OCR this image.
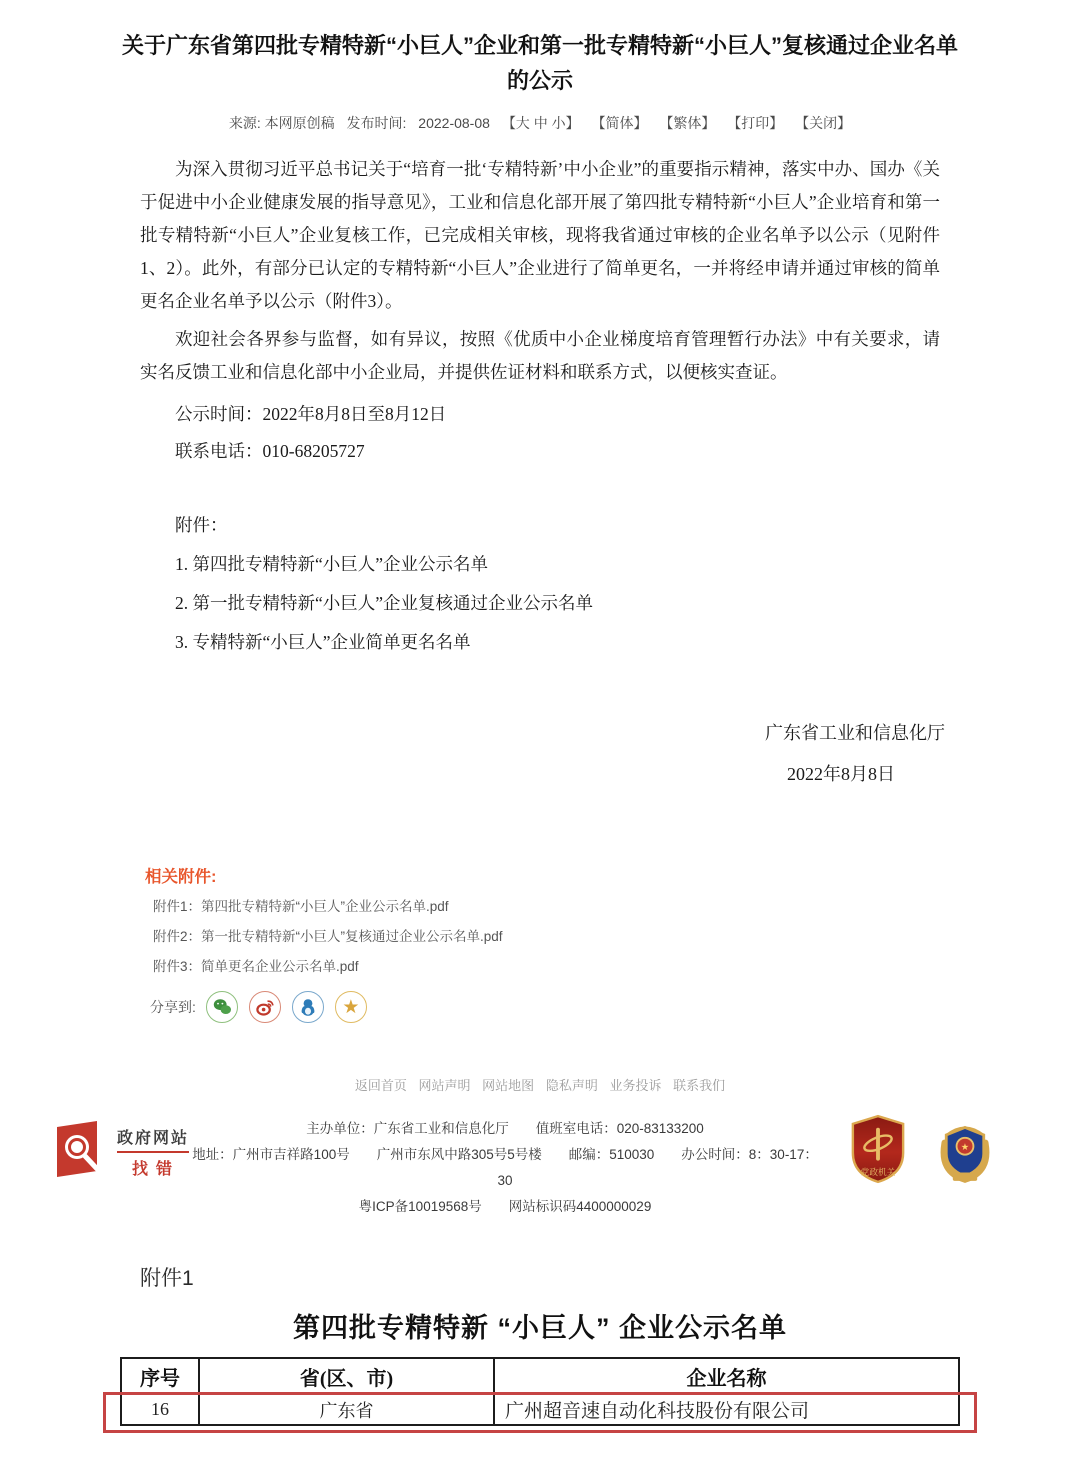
关于广东省第四批专精特新“小巨人”企业和第一批专精特新“小巨人”复核通过企业名单的公示
来源: 本网原创稿 发布时间: 2022-08-08 【大 中 小】 【简体】 【繁体】 【打印】 【关闭】

为深入贯彻习近平总书记关于“培育一批‘专精特新’中小企业”的重要指示精神，落实中办、国办《关于促进中小企业健康发展的指导意见》，工业和信息化部开展了第四批专精特新“小巨人”企业培育和第一批专精特新“小巨人”企业复核工作，已完成相关审核，现将我省通过审核的企业名单予以公示（见附件1、2）。此外，有部分已认定的专精特新“小巨人”企业进行了简单更名，一并将经申请并通过审核的简单更名企业名单予以公示（附件3）。

欢迎社会各界参与监督，如有异议，按照《优质中小企业梯度培育管理暂行办法》中有关要求，请实名反馈工业和信息化部中小企业局，并提供佐证材料和联系方式，以便核实查证。

公示时间：2022年8月8日至8月12日

联系电话：010-68205727

附件：

1. 第四批专精特新“小巨人”企业公示名单

2. 第一批专精特新“小巨人”企业复核通过企业公示名单

3. 专精特新“小巨人”企业简单更名名单

广东省工业和信息化厅
2022年8月8日
相关附件:
附件1：第四批专精特新“小巨人”企业公示名单.pdf
附件2：第一批专精特新“小巨人”复核通过企业公示名单.pdf
附件3：简单更名企业公示名单.pdf
分享到:	★
返回首页 网站声明 网站地图 隐私声明 业务投诉 联系我们
政府网站
找错
主办单位：广东省工业和信息化厅　　值班室电话：020-83133200
地址：广州市吉祥路100号　　广州市东风中路305号5号楼　　邮编：510030　　办公时间：8：30-17：30
粤ICP备10019568号　　网站标识码4400000029
党政机关
★
附件1
第四批专精特新 “小巨人” 企业公示名单
序号	省(区、市)	企业名称
16	广东省	广州超音速自动化科技股份有限公司
